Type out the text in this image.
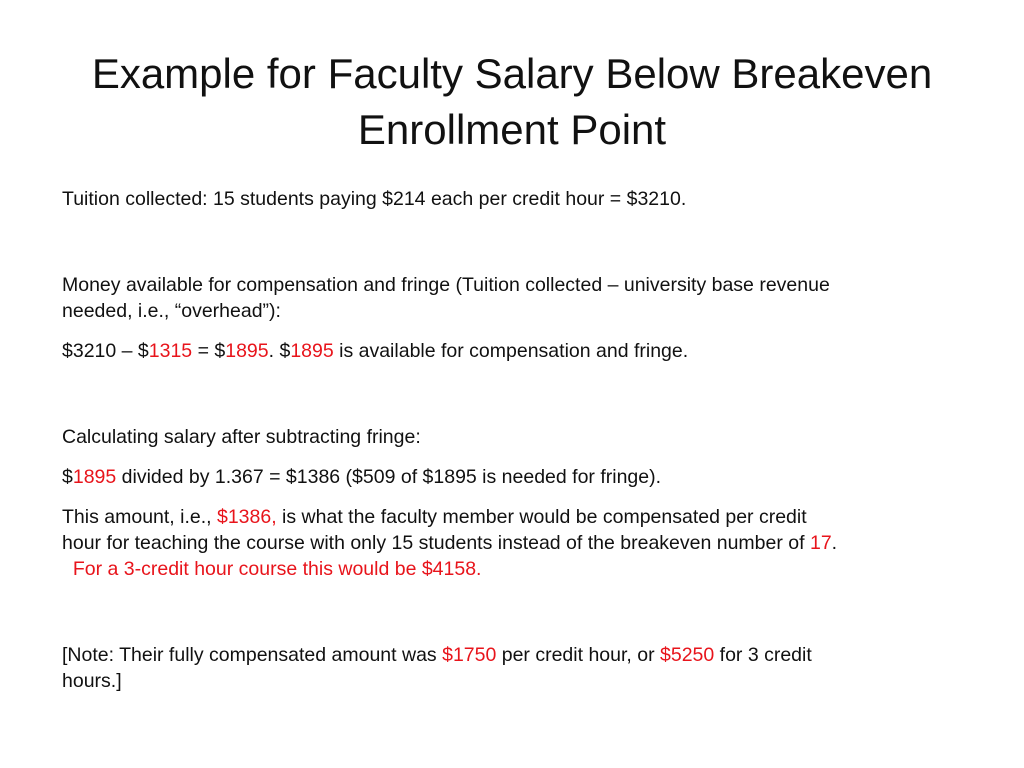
Example for Faculty Salary Below Breakeven
Enrollment Point

Tuition collected: 15 students paying $214 each per credit hour = $3210.

Money available for compensation and fringe (Tuition collected – university base revenue
needed, i.e., “overhead”):

$3210 – $1315 = $1895. $1895 is available for compensation and fringe.

Calculating salary after subtracting fringe:

$1895 divided by 1.367 = $1386 ($509 of $1895 is needed for fringe).

This amount, i.e., $1386, is what the faculty member would be compensated per credit
hour for teaching the course with only 15 students instead of the breakeven number of 17.
For a 3-credit hour course this would be $4158.

[Note: Their fully compensated amount was $1750 per credit hour, or $5250 for 3 credit
hours.]
